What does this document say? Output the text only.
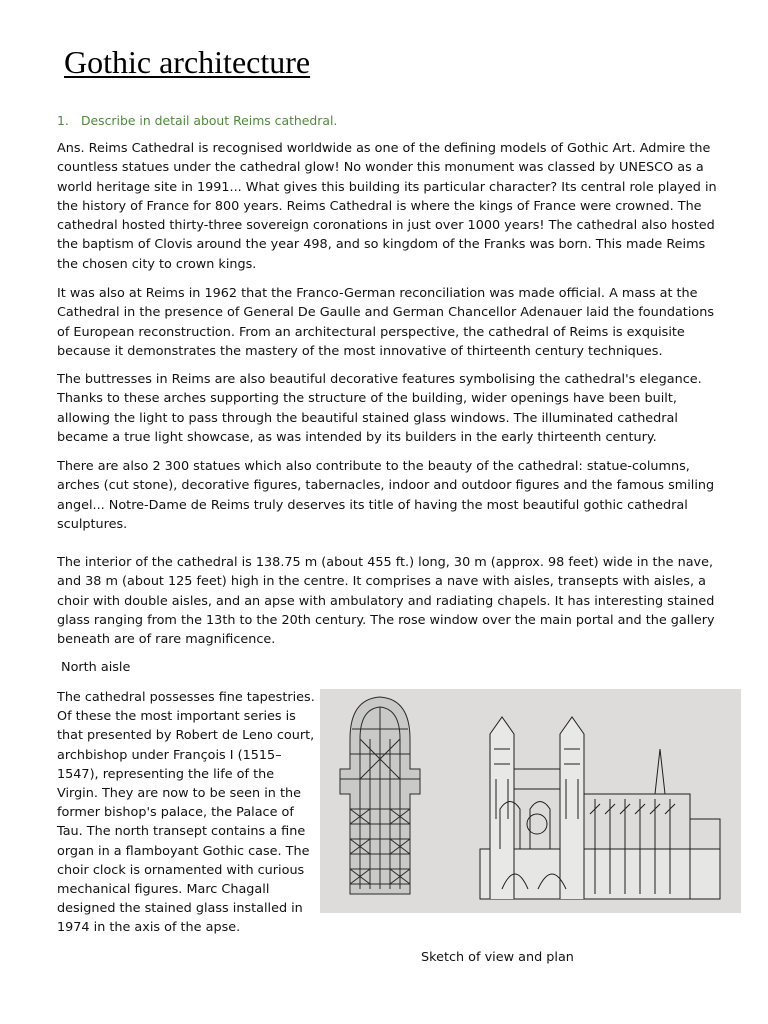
Gothic architecture

1. Describe in detail about Reims cathedral.

Ans. Reims Cathedral is recognised worldwide as one of the defining models of Gothic Art. Admire the countless statues under the cathedral glow! No wonder this monument was classed by UNESCO as a world heritage site in 1991... What gives this building its particular character? Its central role played in the history of France for 800 years. Reims Cathedral is where the kings of France were crowned. The cathedral hosted thirty-three sovereign coronations in just over 1000 years! The cathedral also hosted the baptism of Clovis around the year 498, and so kingdom of the Franks was born. This made Reims the chosen city to crown kings.

It was also at Reims in 1962 that the Franco-German reconciliation was made official. A mass at the Cathedral in the presence of General De Gaulle and German Chancellor Adenauer laid the foundations of European reconstruction. From an architectural perspective, the cathedral of Reims is exquisite because it demonstrates the mastery of the most innovative of thirteenth century techniques.

The buttresses in Reims are also beautiful decorative features symbolising the cathedral's elegance. Thanks to these arches supporting the structure of the building, wider openings have been built, allowing the light to pass through the beautiful stained glass windows. The illuminated cathedral became a true light showcase, as was intended by its builders in the early thirteenth century.

There are also 2 300 statues which also contribute to the beauty of the cathedral: statue-columns, arches (cut stone), decorative figures, tabernacles, indoor and outdoor figures and the famous smiling angel... Notre-Dame de Reims truly deserves its title of having the most beautiful gothic cathedral sculptures.

The interior of the cathedral is 138.75 m (about 455 ft.) long, 30 m (approx. 98 feet) wide in the nave, and 38 m (about 125 feet) high in the centre. It comprises a nave with aisles, transepts with aisles, a choir with double aisles, and an apse with ambulatory and radiating chapels. It has interesting stained glass ranging from the 13th to the 20th century. The rose window over the main portal and the gallery beneath are of rare magnificence.

North aisle

The cathedral possesses fine tapestries. Of these the most important series is that presented by Robert de Leno court, archbishop under François I (1515–1547), representing the life of the Virgin. They are now to be seen in the former bishop's palace, the Palace of Tau. The north transept contains a fine organ in a flamboyant Gothic case. The choir clock is ornamented with curious mechanical figures. Marc Chagall designed the stained glass installed in 1974 in the axis of the apse.

Sketch of view and plan
